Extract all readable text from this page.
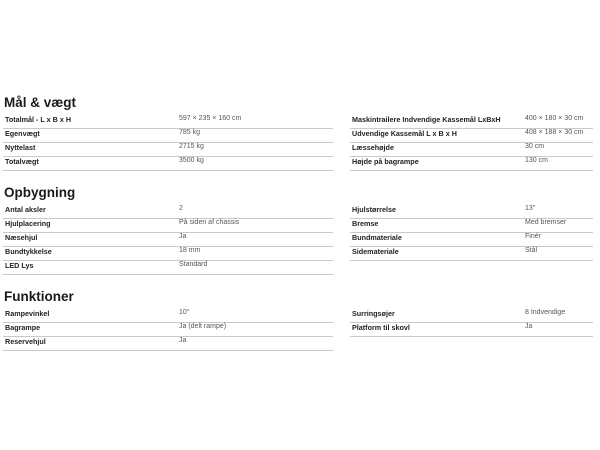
Mål & vægt
Totalmål - L x B x H	597 × 235 × 160 cm
Egenvægt	785 kg
Nyttelast	2715 kg
Totalvægt	3500 kg
Maskintrailere Indvendige Kassemål LxBxH	400 × 180 × 30 cm
Udvendige Kassemål L x B x H	408 × 188 × 30 cm
Læssehøjde	30 cm
Højde på bagrampe	130 cm
Opbygning
Antal aksler	2
Hjulplacering	På siden af chassis
Næsehjul	Ja
Bundtykkelse	18 mm
LED Lys	Standard
Hjulstørrelse	13"
Bremse	Med bremser
Bundmateriale	Finér
Sidemateriale	Stål
Funktioner
Rampevinkel	10°
Bagrampe	Ja (delt rampe)
Reservehjul	Ja
Surringsøjer	8 Indvendige
Platform til skovl	Ja
